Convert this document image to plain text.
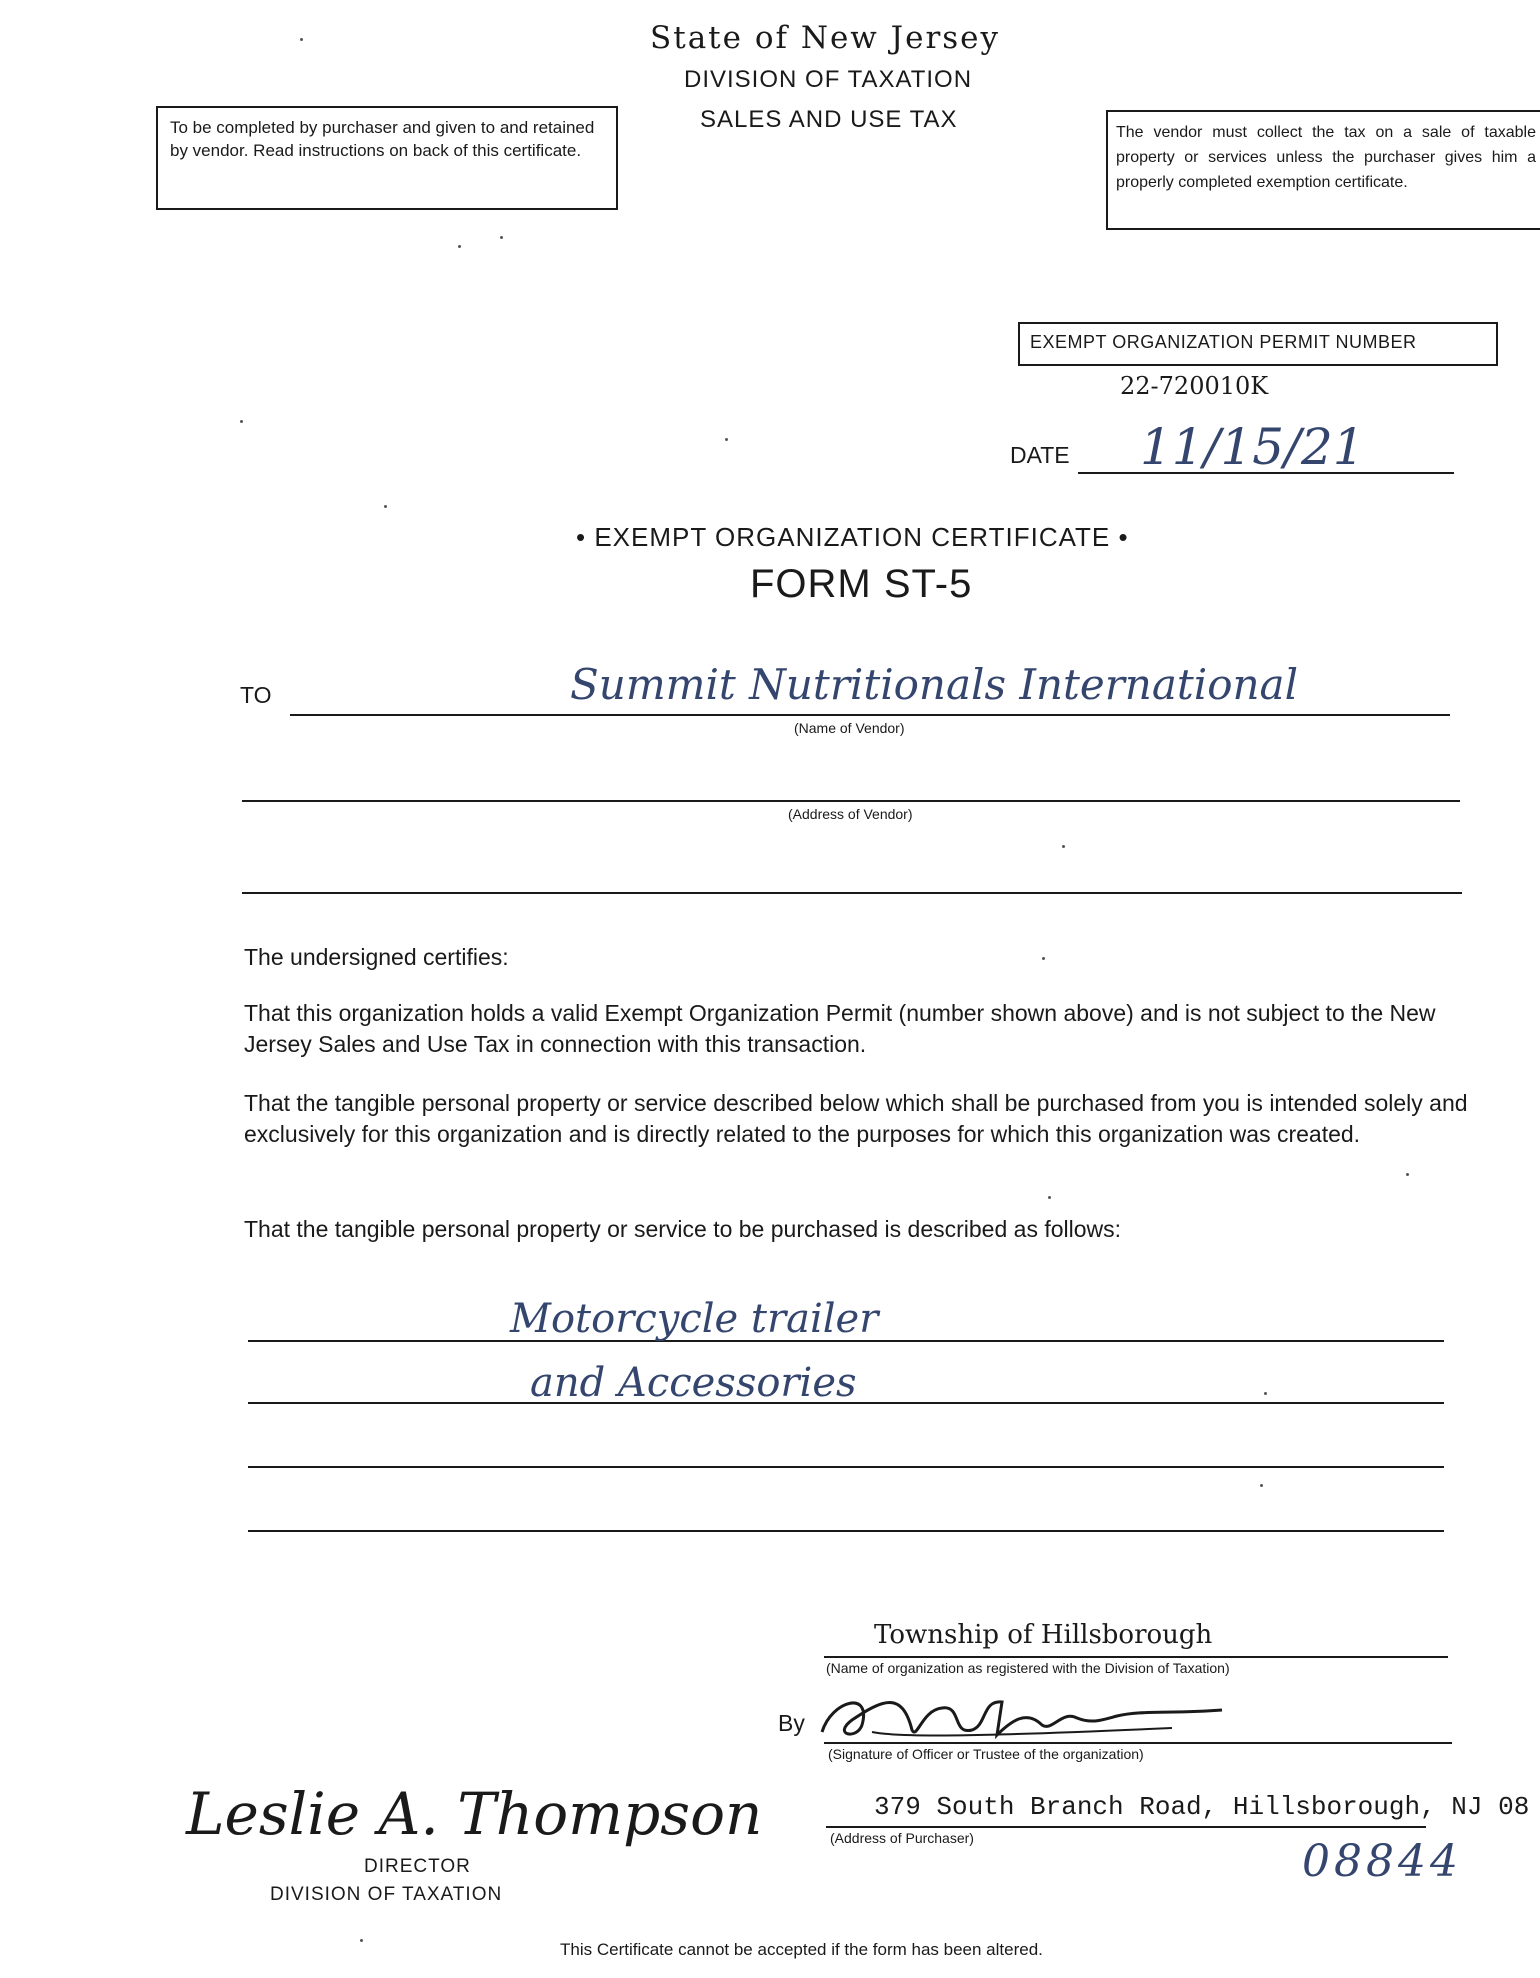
State of New Jersey
DIVISION OF TAXATION
SALES AND USE TAX
To be completed by purchaser and given to and retained by vendor. Read instructions on back of this certificate.
The vendor must collect the tax on a sale of taxable property or services unless the purchaser gives him a properly completed exemption certificate.
EXEMPT ORGANIZATION PERMIT NUMBER
22-720010K
DATE 11/15/21
• EXEMPT ORGANIZATION CERTIFICATE •
FORM ST-5
TO	Summit Nutritionals International
(Name of Vendor)
(Address of Vendor)
The undersigned certifies:
That this organization holds a valid Exempt Organization Permit (number shown above) and is not subject to the New Jersey Sales and Use Tax in connection with this transaction.
That the tangible personal property or service described below which shall be purchased from you is intended solely and exclusively for this organization and is directly related to the purposes for which this organization was created.
That the tangible personal property or service to be purchased is described as follows:
Motorcycle trailer
and Accessories
Township of Hillsborough
(Name of organization as registered with the Division of Taxation)
By
(Signature of Officer or Trustee of the organization)
379 South Branch Road, Hillsborough, NJ 08
(Address of Purchaser)	08844
Leslie A. Thompson
DIRECTOR
DIVISION OF TAXATION
This Certificate cannot be accepted if the form has been altered.
